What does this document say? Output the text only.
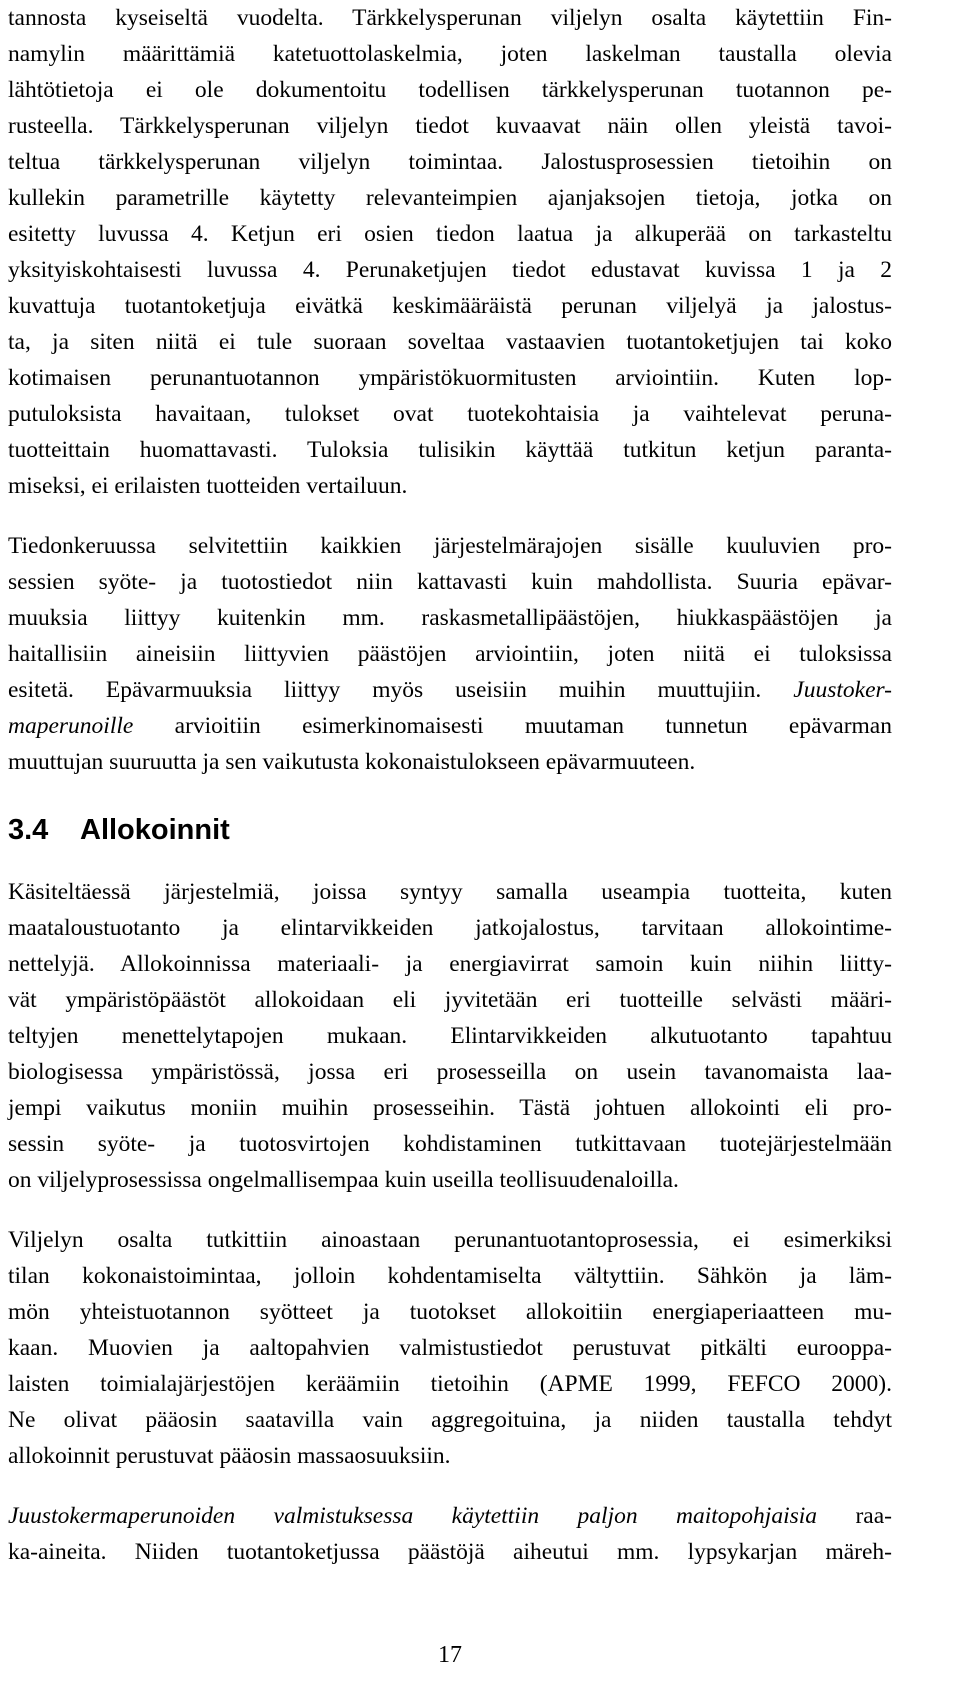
tannosta kyseiseltä vuodelta. Tärkkelysperunan viljelyn osalta käytettiin Fin-
namylin määrittämiä katetuottolaskelmia, joten laskelman taustalla olevia
lähtötietoja ei ole dokumentoitu todellisen tärkkelysperunan tuotannon pe-
rusteella. Tärkkelysperunan viljelyn tiedot kuvaavat näin ollen yleistä tavoi-
teltua tärkkelysperunan viljelyn toimintaa. Jalostusprosessien tietoihin on
kullekin parametrille käytetty relevanteimpien ajanjaksojen tietoja, jotka on
esitetty luvussa 4. Ketjun eri osien tiedon laatua ja alkuperää on tarkasteltu
yksityiskohtaisesti luvussa 4. Perunaketjujen tiedot edustavat kuvissa 1 ja 2
kuvattuja tuotantoketjuja eivätkä keskimääräistä perunan viljelyä ja jalostus-
ta, ja siten niitä ei tule suoraan soveltaa vastaavien tuotantoketjujen tai koko
kotimaisen perunantuotannon ympäristökuormitusten arviointiin. Kuten lop-
putuloksista havaitaan, tulokset ovat tuotekohtaisia ja vaihtelevat peruna-
tuotteittain huomattavasti. Tuloksia tulisikin käyttää tutkitun ketjun paranta-
miseksi, ei erilaisten tuotteiden vertailuun.
Tiedonkeruussa selvitettiin kaikkien järjestelmärajojen sisälle kuuluvien pro-
sessien syöte- ja tuotostiedot niin kattavasti kuin mahdollista. Suuria epävar-
muuksia liittyy kuitenkin mm. raskasmetallipäästöjen, hiukkaspäästöjen ja
haitallisiin aineisiin liittyvien päästöjen arviointiin, joten niitä ei tuloksissa
esitetä. Epävarmuuksia liittyy myös useisiin muihin muuttujiin. Juustoker-
maperunoille arvioitiin esimerkinomaisesti muutaman tunnetun epävarman
muuttujan suuruutta ja sen vaikutusta kokonaistulokseen epävarmuuteen.
3.4 Allokoinnit
Käsiteltäessä järjestelmiä, joissa syntyy samalla useampia tuotteita, kuten
maataloustuotanto ja elintarvikkeiden jatkojalostus, tarvitaan allokointime-
nettelyjä. Allokoinnissa materiaali- ja energiavirrat samoin kuin niihin liitty-
vät ympäristöpäästöt allokoidaan eli jyvitetään eri tuotteille selvästi määri-
teltyjen menettelytapojen mukaan. Elintarvikkeiden alkutuotanto tapahtuu
biologisessa ympäristössä, jossa eri prosesseilla on usein tavanomaista laa-
jempi vaikutus moniin muihin prosesseihin. Tästä johtuen allokointi eli pro-
sessin syöte- ja tuotosvirtojen kohdistaminen tutkittavaan tuotejärjestelmään
on viljelyprosessissa ongelmallisempaa kuin useilla teollisuudenaloilla.
Viljelyn osalta tutkittiin ainoastaan perunantuotantoprosessia, ei esimerkiksi
tilan kokonaistoimintaa, jolloin kohdentamiselta vältyttiin. Sähkön ja läm-
mön yhteistuotannon syötteet ja tuotokset allokoitiin energiaperiaatteen mu-
kaan. Muovien ja aaltopahvien valmistustiedot perustuvat pitkälti eurooppa-
laisten toimialajärjestöjen keräämiin tietoihin (APME 1999, FEFCO 2000).
Ne olivat pääosin saatavilla vain aggregoituina, ja niiden taustalla tehdyt
allokoinnit perustuvat pääosin massaosuuksiin.
Juustokermaperunoiden valmistuksessa käytettiin paljon maitopohjaisia raa-
ka-aineita. Niiden tuotantoketjussa päästöjä aiheutui mm. lypsykarjan märeh-
17
